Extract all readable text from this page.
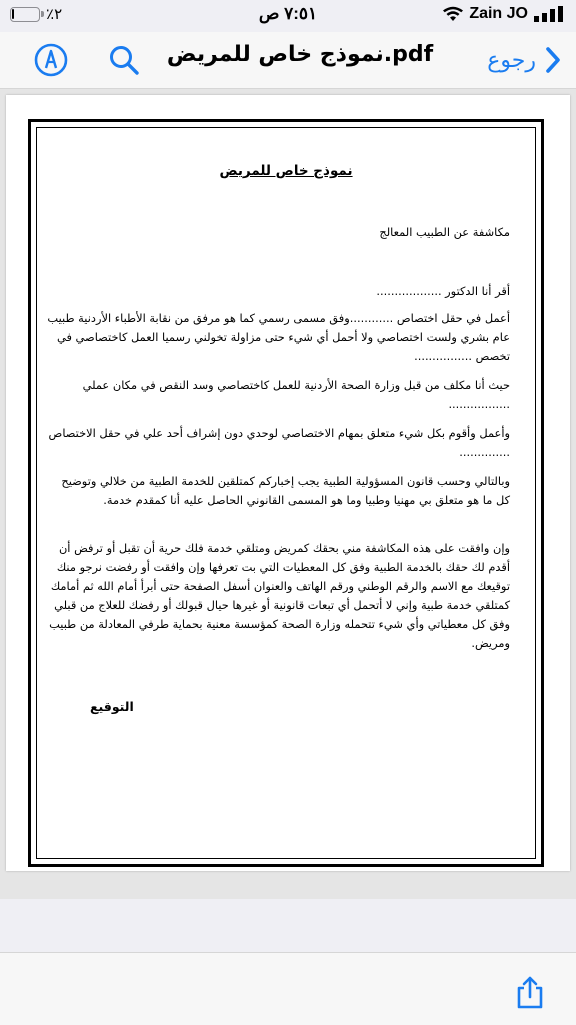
٪٢	٧:٥١ ص	Zain JO
نموذج خاص للمريض.pdf	رجوع
نموذج خاص للمريض
مكاشفة عن الطبيب المعالج
أقر أنا الدكتور ..................
أعمل في حقل اختصاص ............وفق مسمى رسمي كما هو مرفق من نقابة الأطباء الأردنية طبيب عام بشري ولست اختصاصي ولا أحمل أي شيء حتى مزاولة تخولني رسميا العمل كاختصاصي في تخصص ................
حيث أنا مكلف من قبل وزارة الصحة الأردنية للعمل كاختصاصي وسد النقص في مكان عملي .................
وأعمل وأقوم بكل شيء متعلق بمهام الاختصاصي لوحدي دون إشراف أحد علي في حقل الاختصاص ..............
وبالتالي وحسب قانون المسؤولية الطبية يجب إخباركم كمتلقين للخدمة الطبية من خلالي وتوضيح كل ما هو متعلق بي مهنيا وطبيا وما هو المسمى القانوني الحاصل عليه أنا كمقدم خدمة.
وإن وافقت على هذه المكاشفة مني بحقك كمريض ومتلقي خدمة فلك حرية أن تقبل أو ترفض أن أقدم لك حقك بالخدمة الطبية وفق كل المعطيات التي بت تعرفها وإن وافقت أو رفضت نرجو منك توقيعك مع الاسم والرقم الوطني ورقم الهاتف والعنوان أسفل الصفحة حتى أبرأ أمام الله ثم أمامك كمتلقي خدمة طبية وإني لا أتحمل أي تبعات قانونية أو غيرها حيال قبولك أو رفضك للعلاج من قبلي وفق كل معطياتي وأي شيء تتحمله وزارة الصحة كمؤسسة معنية بحماية طرفي المعادلة من طبيب ومريض.
التوقيع
